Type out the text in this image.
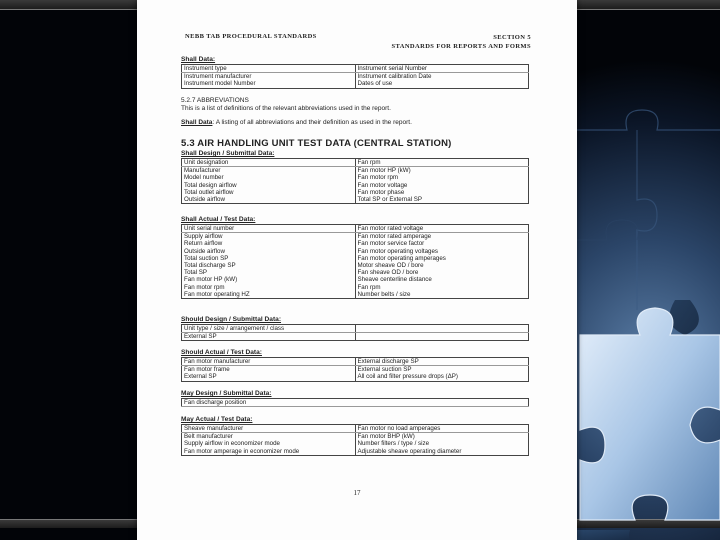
NEBB TAB PROCEDURAL STANDARDS	SECTION 5
STANDARDS FOR REPORTS AND FORMS
Shall Data:
Instrument type	Instrument serial Number
Instrument manufacturer	Instrument calibration Date
Instrument model Number	Dates of use
5.2.7 ABBREVIATIONS
This is a list of definitions of the relevant abbreviations used in the report.
Shall Data: A listing of all abbreviations and their definition as used in the report.
5.3 AIR HANDLING UNIT TEST DATA (CENTRAL STATION)
Shall Design / Submittal Data:
Unit designation	Fan rpm
Manufacturer	Fan motor HP (kW)
Model number	Fan motor rpm
Total design airflow	Fan motor voltage
Total outlet airflow	Fan motor phase
Outside airflow	Total SP or External SP
Shall Actual / Test Data:
Unit serial number	Fan motor rated voltage
Supply airflow	Fan motor rated amperage
Return airflow	Fan motor service factor
Outside airflow	Fan motor operating voltages
Total suction SP	Fan motor operating amperages
Total discharge SP	Motor sheave OD / bore
Total SP	Fan sheave OD / bore
Fan motor HP (kW)	Sheave centerline distance
Fan motor rpm	Fan rpm
Fan motor operating HZ	Number belts / size
Should Design / Submittal Data:
Unit type / size / arrangement / class	
External SP	
Should Actual / Test Data:
Fan motor manufacturer	External discharge SP
Fan motor frame	External suction SP
External SP	All coil and filter pressure drops (ΔP)
May Design / Submittal Data:
Fan discharge position
May Actual / Test Data:
Sheave manufacturer	Fan motor no load amperages
Belt manufacturer	Fan motor BHP (kW)
Supply airflow in economizer mode	Number filters / type / size
Fan motor amperage in economizer mode	Adjustable sheave operating diameter
17
